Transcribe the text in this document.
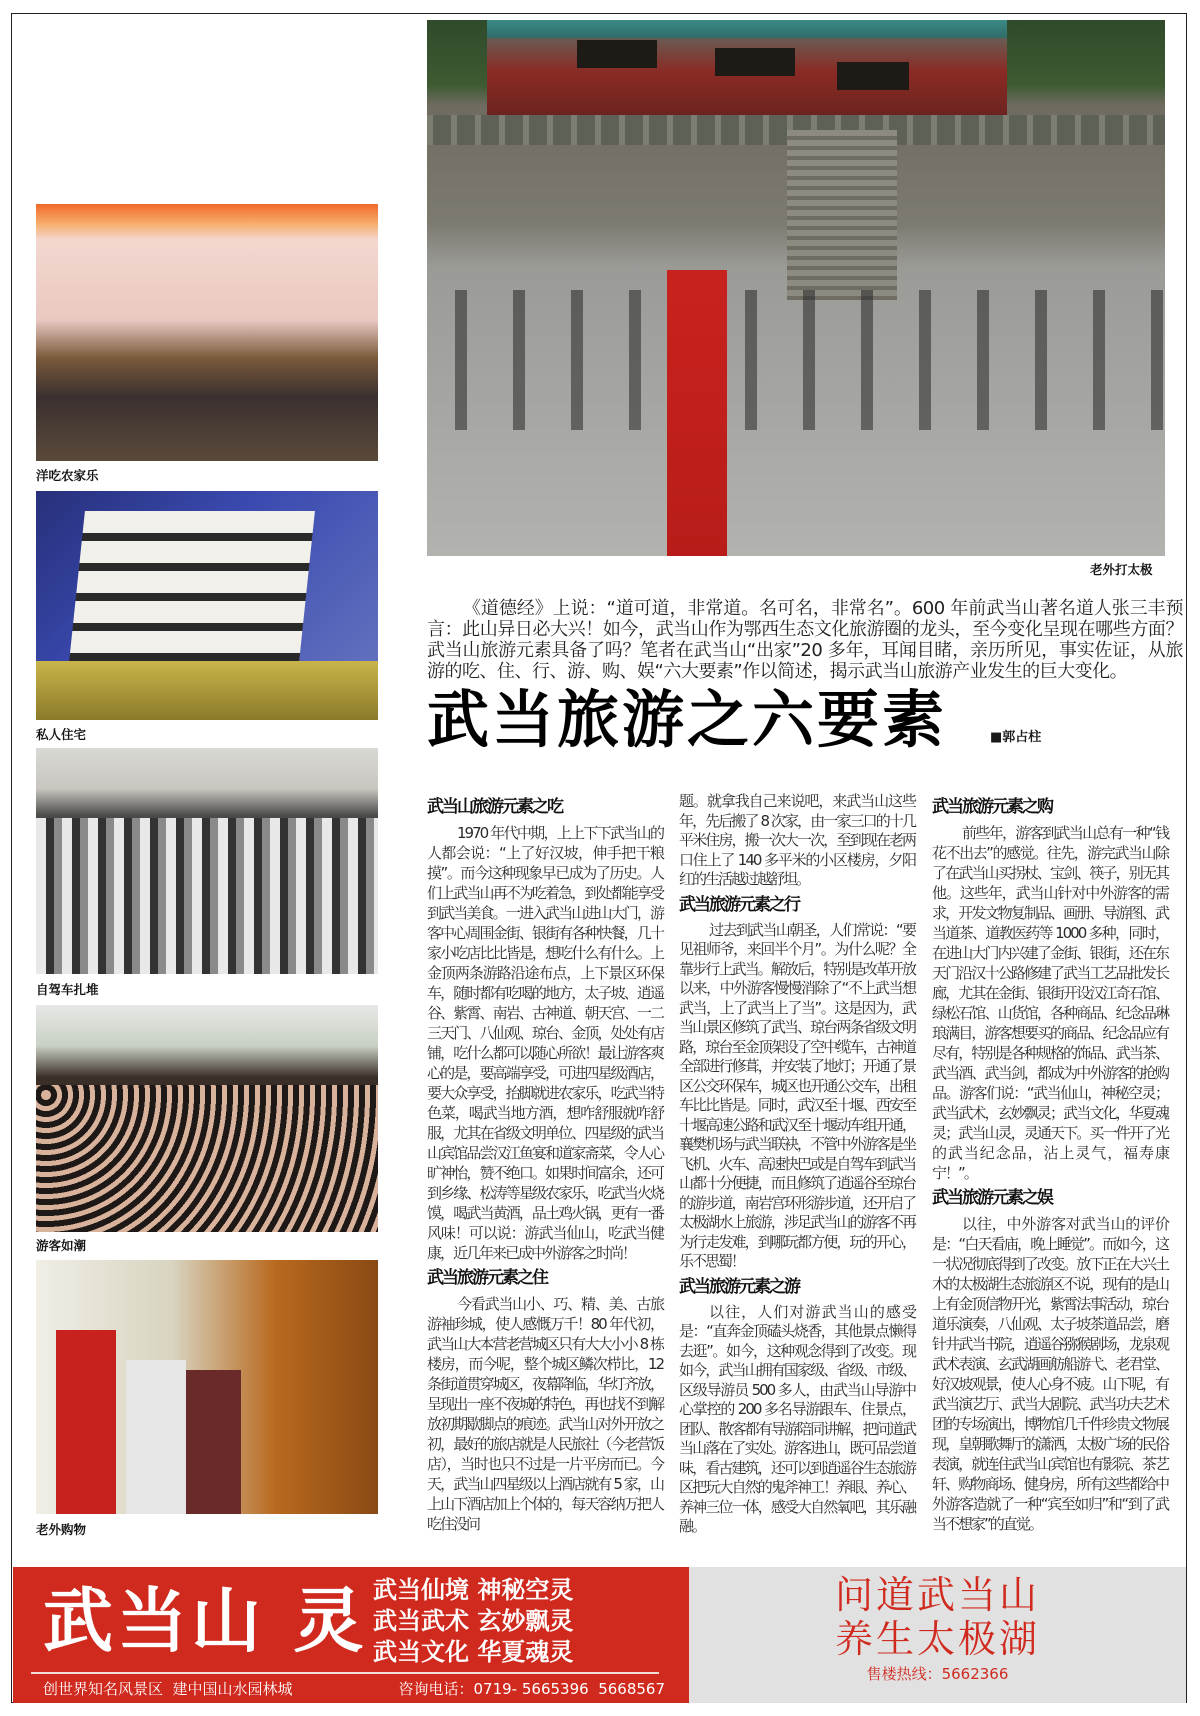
老外打太极
洋吃农家乐
私人住宅
自驾车扎堆
游客如潮
老外购物

《道德经》上说：“道可道，非常道。名可名，非常名”。600 年前武当山著名道人张三丰预言：此山异日必大兴！如今，武当山作为鄂西生态文化旅游圈的龙头，至今变化呈现在哪些方面？武当山旅游元素具备了吗？笔者在武当山“出家”20 多年，耳闻目睹，亲历所见，事实佐证，从旅游的吃、住、行、游、购、娱“六大要素”作以简述，揭示武当山旅游产业发生的巨大变化。

武当旅游之六要素	■郭占柱
武当山旅游元素之吃

1970 年代中期，上上下下武当山的人都会说：“上了好汉坡，伸手把干粮摸”。而今这种现象早已成为了历史。人们上武当山再不为吃着急，到处都能享受到武当美食。一进入武当山进山大门，游客中心周围金街、银街有各种快餐，几十家小吃店比比皆是，想吃什么有什么。上金顶两条游路沿途布点，上下景区环保车，随时都有吃喝的地方，太子坡、逍遥谷、紫霄、南岩、古神道、朝天宫、一二三天门、八仙观、琼台、金顶，处处有店铺，吃什么都可以随心所欲！最让游客爽心的是，要高端享受，可进四星级酒店，要大众享受，抬脚就进农家乐，吃武当特色菜，喝武当地方酒，想咋舒服就咋舒服，尤其在省级文明单位、四星级的武当山宾馆品尝汉江鱼宴和道家斋菜，令人心旷神怡，赞不绝口。如果时间富余，还可到乡缘、松涛等星级农家乐，吃武当火烧馍，喝武当黄酒，品土鸡火锅，更有一番风味！可以说：游武当仙山，吃武当健康，近几年来已成中外游客之时尚！

武当旅游元素之住

今看武当山小、巧、精、美、古旅游袖珍城，使人感慨万千！80 年代初，武当山大本营老营城区只有大大小小 8 栋楼房，而今呢，整个城区鳞次栉比，12 条街道贯穿城区，夜幕降临，华灯齐放，呈现出一座不夜城的特色，再也找不到解放初期歇脚点的痕迹。武当山对外开放之初，最好的旅店就是人民旅社（今老营饭店），当时也只不过是一片平房而已。今天，武当山四星级以上酒店就有 5 家，山上山下酒店加上个体的，每天容纳万把人吃住没问

题。就拿我自己来说吧，来武当山这些年，先后搬了 8 次家，由一家三口的十几平米住房，搬一次大一次，至到现在老两口住上了 140 多平米的小区楼房，夕阳红的生活越过越舒坦。

武当旅游元素之行

过去到武当山朝圣，人们常说：“要见祖师爷，来回半个月”。为什么呢？全靠步行上武当。解放后，特别是改革开放以来，中外游客慢慢消除了“不上武当想武当，上了武当上了当”。这是因为，武当山景区修筑了武当、琼台两条省级文明路，琼台至金顶架设了空中缆车，古神道全部进行修葺，并安装了地灯；开通了景区公交环保车，城区也开通公交车，出租车比比皆是。同时，武汉至十堰、西安至十堰高速公路和武汉至十堰动车组开通，襄樊机场与武当联袂，不管中外游客是坐飞机、火车、高速快巴或是自驾车到武当山都十分便捷，而且修筑了逍遥谷至琼台的游步道，南岩宫环形游步道，还开启了太极湖水上旅游，涉足武当山的游客不再为行走发难，到哪玩都方便，玩的开心，乐不思蜀！

武当旅游元素之游

以往，人们对游武当山的感受是：“直奔金顶磕头烧香，其他景点懒得去逛”。如今，这种观念得到了改变。现如今，武当山拥有国家级、省级、市级、区级导游员 500 多人，由武当山导游中心掌控的 200 多名导游跟车、住景点，团队、散客都有导游陪同讲解，把问道武当山落在了实处。游客进山，既可品尝道味，看古建筑，还可以到逍遥谷生态旅游区把玩大自然的鬼斧神工！养眼、养心、养神三位一体，感受大自然氧吧，其乐融融。

武当旅游元素之购

前些年，游客到武当山总有一种“钱花不出去”的感觉。往先，游完武当山除了在武当山买拐杖、宝剑、筷子，别无其他。这些年，武当山针对中外游客的需求，开发文物复制品、画册、导游图、武当道茶、道教医药等 1000 多种，同时，在进山大门内兴建了金街、银街，还在东天门沿汉十公路修建了武当工艺品批发长廊，尤其在金街、银街开设汉江奇石馆、绿松石馆、山货馆，各种商品、纪念品琳琅满目，游客想要买的商品、纪念品应有尽有，特别是各种规格的饰品、武当茶、武当酒、武当剑，都成为中外游客的抢购品。游客们说：“武当仙山，神秘空灵；武当武术，玄妙飘灵；武当文化，华夏魂灵；武当山灵，灵通天下。买一件开了光的武当纪念品，沾上灵气，福寿康宁！”。

武当旅游元素之娱

以往，中外游客对武当山的评价是：“白天看庙，晚上睡觉”。而如今，这一状况彻底得到了改变。放下正在大兴土木的太极湖生态旅游区不说，现有的是山上有金顶信物开光，紫霄法事活动，琼台道乐演奏，八仙观、太子坡茶道品尝，磨针井武当书院，逍遥谷猕猴剧场，龙泉观武术表演、玄武湖画舫船游弋、老君堂、好汉坡观景，使人心身不疲。山下呢，有武当演艺厅、武当大剧院、武当功夫艺术团的专场演出，博物馆几千件珍贵文物展现，皇朝歌舞厅的潇洒，太极广场的民俗表演，就连住武当山宾馆也有影院、茶艺轩、购物商场、健身房，所有这些都给中外游客造就了一种“宾至如归”和“到了武当不想家”的直觉。

武当山 灵 武当仙境 神秘空灵
武当武术 玄妙飘灵
武当文化 华夏魂灵
创世界知名风景区  建中国山水园林城	咨询电话：0719- 5665396  5668567
问道武当山
养生太极湖
售楼热线：5662366
